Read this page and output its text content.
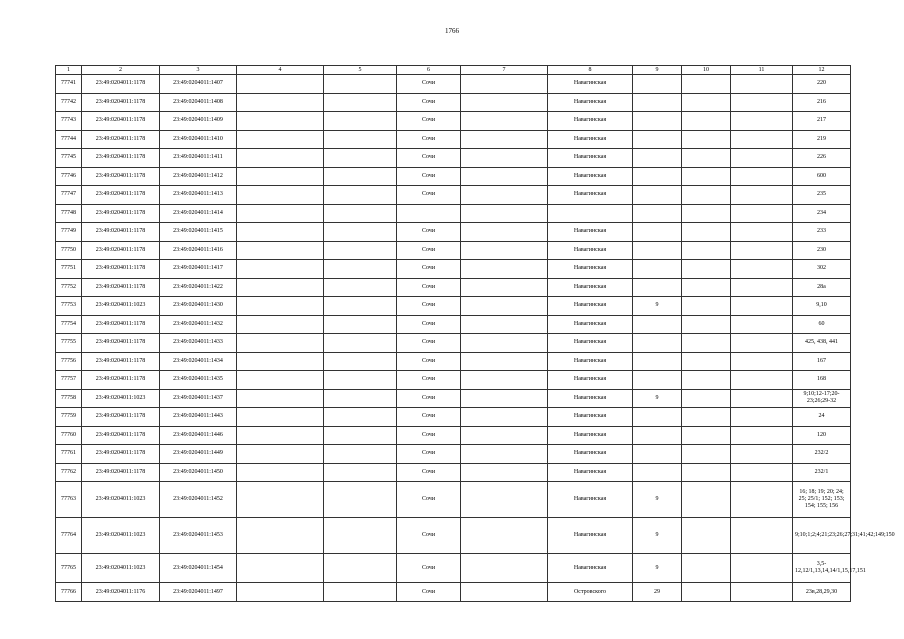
1766
1	2	3	4	5	6	7	8	9	10	11	12
77741	23:49:0204011:1178	23:49:0204011:1407			Сочи		Навагинская				220
77742	23:49:0204011:1178	23:49:0204011:1408			Сочи		Навагинская				216
77743	23:49:0204011:1178	23:49:0204011:1409			Сочи		Навагинская				217
77744	23:49:0204011:1178	23:49:0204011:1410			Сочи		Навагинская				219
77745	23:49:0204011:1178	23:49:0204011:1411			Сочи		Навагинская				226
77746	23:49:0204011:1178	23:49:0204011:1412			Сочи		Навагинская				600
77747	23:49:0204011:1178	23:49:0204011:1413			Сочи		Навагинская				235
77748	23:49:0204011:1178	23:49:0204011:1414									234
77749	23:49:0204011:1178	23:49:0204011:1415			Сочи		Навагинская				233
77750	23:49:0204011:1178	23:49:0204011:1416			Сочи		Навагинская				230
77751	23:49:0204011:1178	23:49:0204011:1417			Сочи		Навагинская				302
77752	23:49:0204011:1178	23:49:0204011:1422			Сочи		Навагинская				28а
77753	23:49:0204011:1023	23:49:0204011:1430			Сочи		Навагинская	9			9,10
77754	23:49:0204011:1178	23:49:0204011:1432			Сочи		Навагинская				60
77755	23:49:0204011:1178	23:49:0204011:1433			Сочи		Навагинская				425, 438, 441
77756	23:49:0204011:1178	23:49:0204011:1434			Сочи		Навагинская				167
77757	23:49:0204011:1178	23:49:0204011:1435			Сочи		Навагинская				168
77758	23:49:0204011:1023	23:49:0204011:1437			Сочи		Навагинская	9			9;10;12-17;20-23;26;29-32
77759	23:49:0204011:1178	23:49:0204011:1443			Сочи		Навагинская				24
77760	23:49:0204011:1178	23:49:0204011:1446			Сочи		Навагинская				120
77761	23:49:0204011:1178	23:49:0204011:1449			Сочи		Навагинская				232/2
77762	23:49:0204011:1178	23:49:0204011:1450			Сочи		Навагинская				232/1
77763	23:49:0204011:1023	23:49:0204011:1452			Сочи		Навагинская	9			16; 18; 19; 20; 24; 25; 25/1; 152; 153; 154; 155; 156
77764	23:49:0204011:1023	23:49:0204011:1453			Сочи		Навагинская	9			9;10;1;2;4;21;23;26;27;31;41;42;149;150
77765	23:49:0204011:1023	23:49:0204011:1454			Сочи		Навагинская	9			3,5-12,12/1,13,14,14/1,15,17,151
77766	23:49:0204011:1176	23:49:0204011:1497			Сочи		Островского	29			23в,28,29,30
